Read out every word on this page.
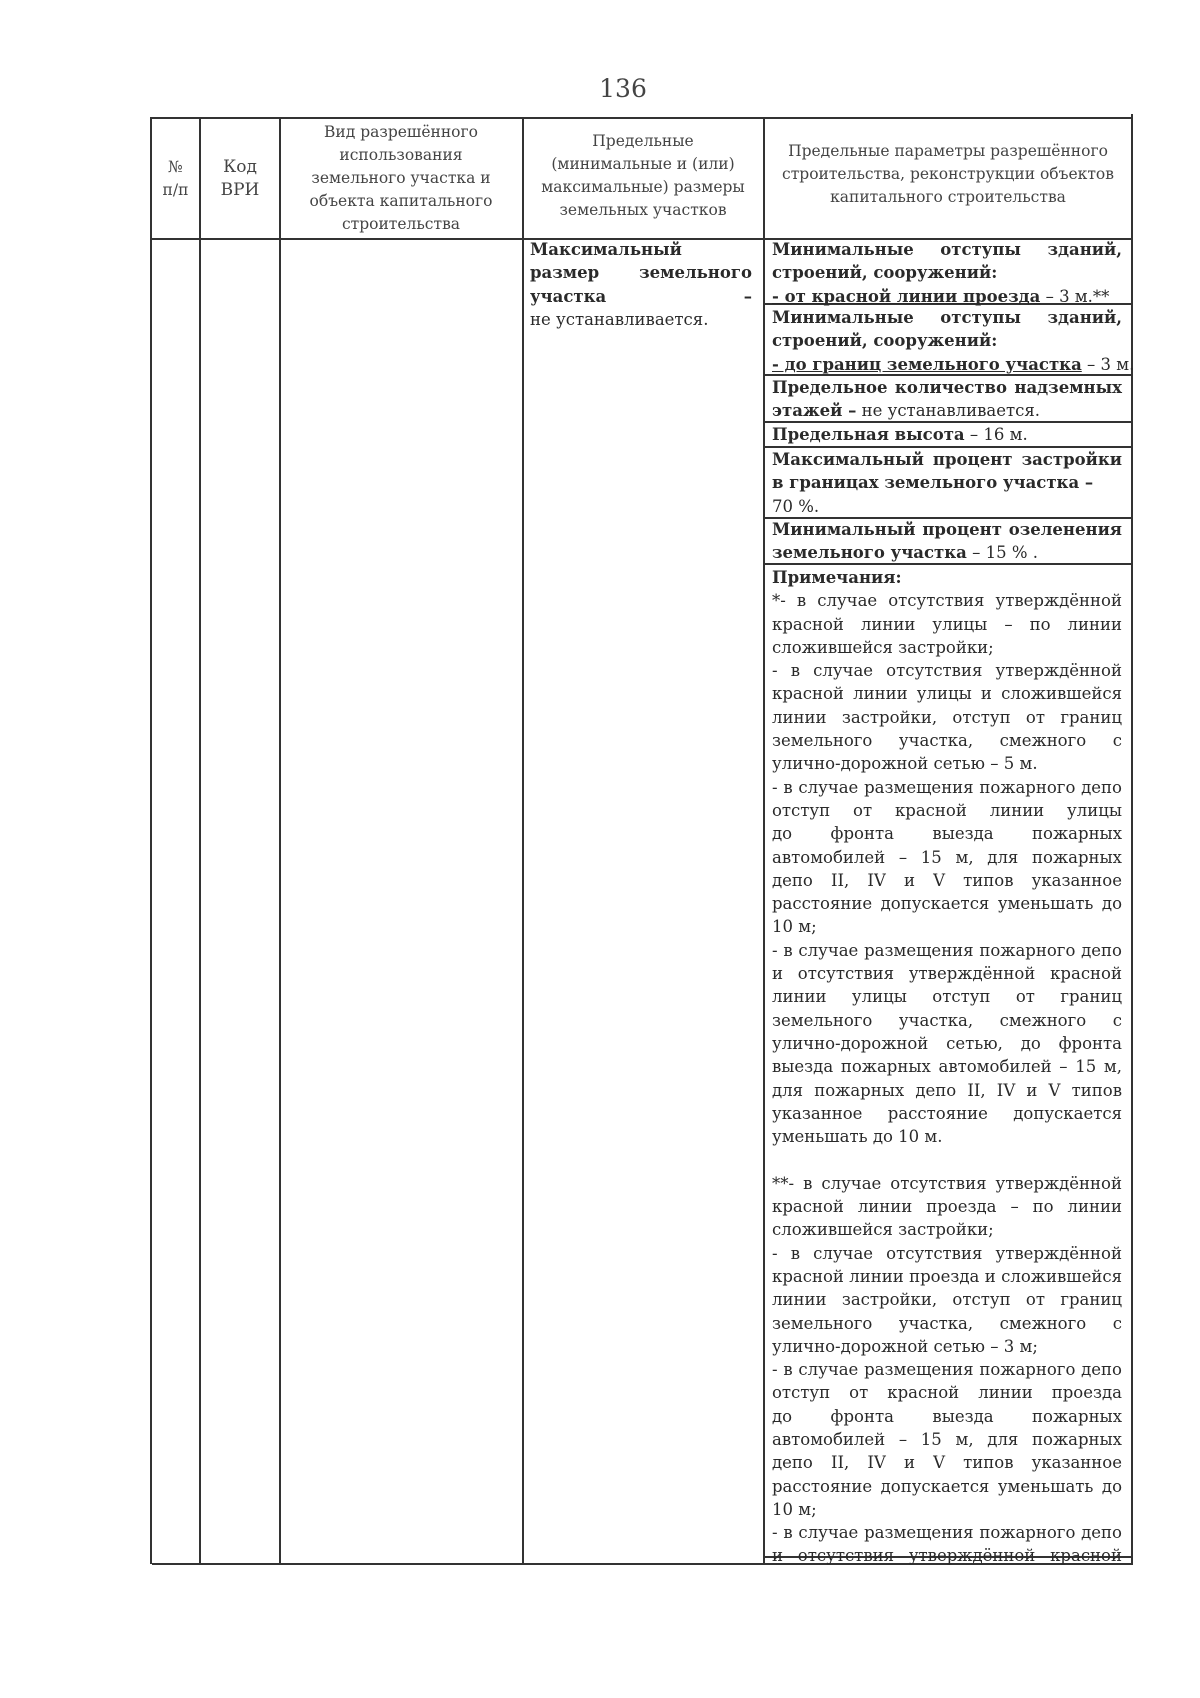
136
№
п/п
Код
ВРИ
Вид разрешённого использования земельного участка и объекта капитального строительства
Предельные (минимальные и (или) максимальные) размеры земельных участков
Предельные параметры разрешённого строительства, реконструкции объектов капитального строительства
Максимальный размер земельного участка –
не устанавливается.
Минимальные отступы зданий,
строений, сооружений:
- от красной линии проезда – 3 м.**
Минимальные отступы зданий,
строений, сооружений:
- до границ земельного участка – 3 м.
Предельное количество надземных
этажей – не устанавливается.
Предельная высота – 16 м.
Максимальный процент застройки
в границах земельного участка –
70 %.
Минимальный процент озеленения
земельного участка – 15 % .
Примечания:
*- в случае отсутствия утверждённой
красной линии улицы – по линии
сложившейся застройки;
- в случае отсутствия утверждённой
красной линии улицы и сложившейся
линии застройки, отступ от границ
земельного участка, смежного с
улично-дорожной сетью – 5 м.
- в случае размещения пожарного депо
отступ от красной линии улицы
до фронта выезда пожарных
автомобилей – 15 м, для пожарных
депо II, IV и V типов указанное
расстояние допускается уменьшать до
10 м;
- в случае размещения пожарного депо
и отсутствия утверждённой красной
линии улицы отступ от границ
земельного участка, смежного с
улично-дорожной сетью, до фронта
выезда пожарных автомобилей – 15 м,
для пожарных депо II, IV и V типов
указанное расстояние допускается
уменьшать до 10 м.

**- в случае отсутствия утверждённой
красной линии проезда – по линии
сложившейся застройки;
- в случае отсутствия утверждённой
красной линии проезда и сложившейся
линии застройки, отступ от границ
земельного участка, смежного с
улично-дорожной сетью – 3 м;
- в случае размещения пожарного депо
отступ от красной линии проезда
до фронта выезда пожарных
автомобилей – 15 м, для пожарных
депо II, IV и V типов указанное
расстояние допускается уменьшать до
10 м;
- в случае размещения пожарного депо
и отсутствия утверждённой красной
